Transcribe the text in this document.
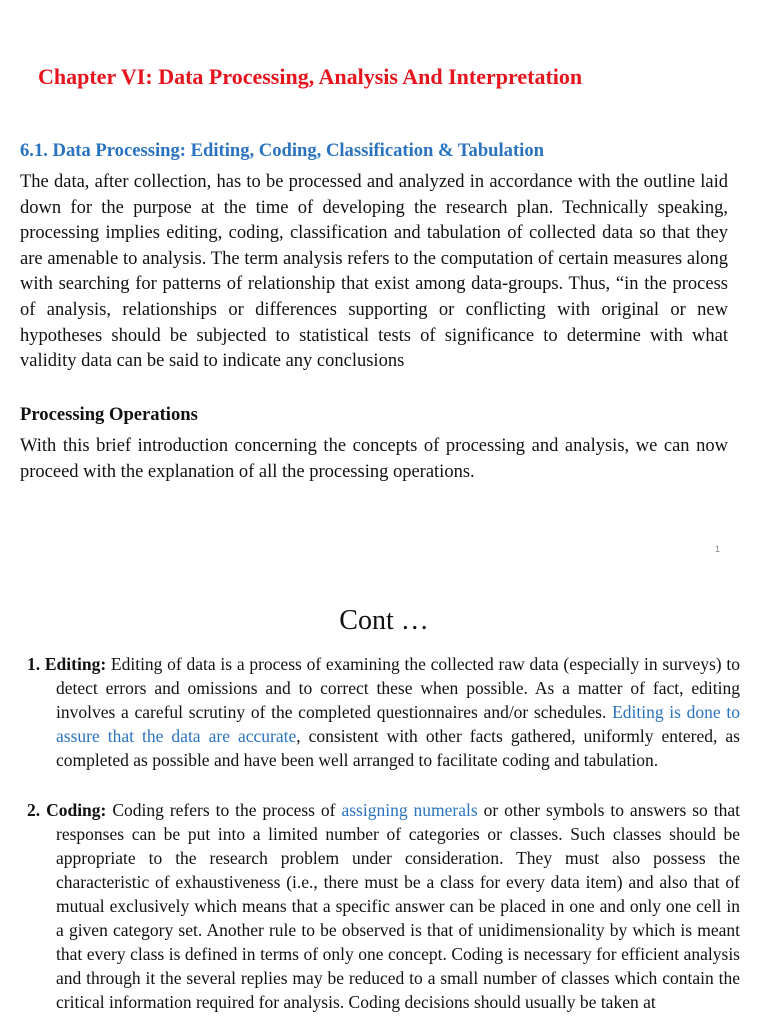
Chapter VI: Data Processing, Analysis And Interpretation
6.1. Data Processing: Editing, Coding, Classification & Tabulation

The data, after collection, has to be processed and analyzed in accordance with the outline laid down for the purpose at the time of developing the research plan. Technically speaking, processing implies editing, coding, classification and tabulation of collected data so that they are amenable to analysis. The term analysis refers to the computation of certain measures along with searching for patterns of relationship that exist among data-groups. Thus, “in the process of analysis, relationships or differences supporting or conflicting with original or new hypotheses should be subjected to statistical tests of significance to determine with what validity data can be said to indicate any conclusions

Processing Operations

With this brief introduction concerning the concepts of processing and analysis, we can now proceed with the explanation of all the processing operations.

1
Cont …

1. Editing: Editing of data is a process of examining the collected raw data (especially in surveys) to detect errors and omissions and to correct these when possible. As a matter of fact, editing involves a careful scrutiny of the completed questionnaires and/or schedules. Editing is done to assure that the data are accurate, consistent with other facts gathered, uniformly entered, as completed as possible and have been well arranged to facilitate coding and tabulation.

2. Coding: Coding refers to the process of assigning numerals or other symbols to answers so that responses can be put into a limited number of categories or classes. Such classes should be appropriate to the research problem under consideration. They must also possess the characteristic of exhaustiveness (i.e., there must be a class for every data item) and also that of mutual exclusively which means that a specific answer can be placed in one and only one cell in a given category set. Another rule to be observed is that of unidimensionality by which is meant that every class is defined in terms of only one concept. Coding is necessary for efficient analysis and through it the several replies may be reduced to a small number of classes which contain the critical information required for analysis. Coding decisions should usually be taken at
